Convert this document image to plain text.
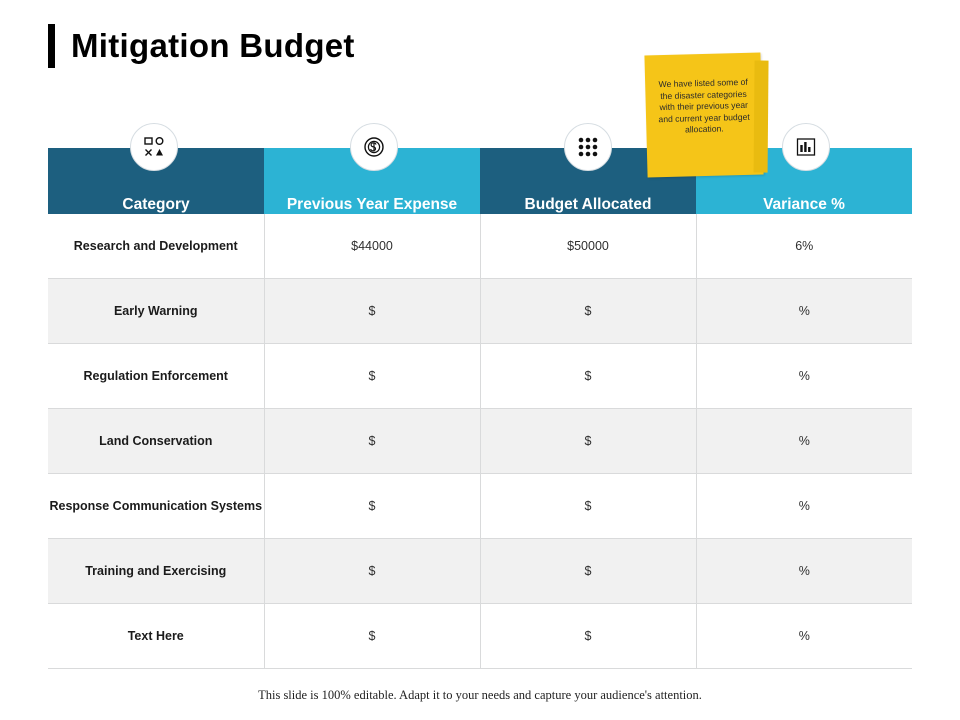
Mitigation Budget
We have listed some of the disaster categories with their previous year and current year budget allocation.
Category	Previous Year Expense	Budget Allocated	Variance %
Research and Development	$44000	$50000	6%
Early Warning	$	$	%
Regulation Enforcement	$	$	%
Land Conservation	$	$	%
Response Communication Systems	$	$	%
Training and Exercising	$	$	%
Text Here	$	$	%
This slide is 100% editable. Adapt it to your needs and capture your audience's attention.
